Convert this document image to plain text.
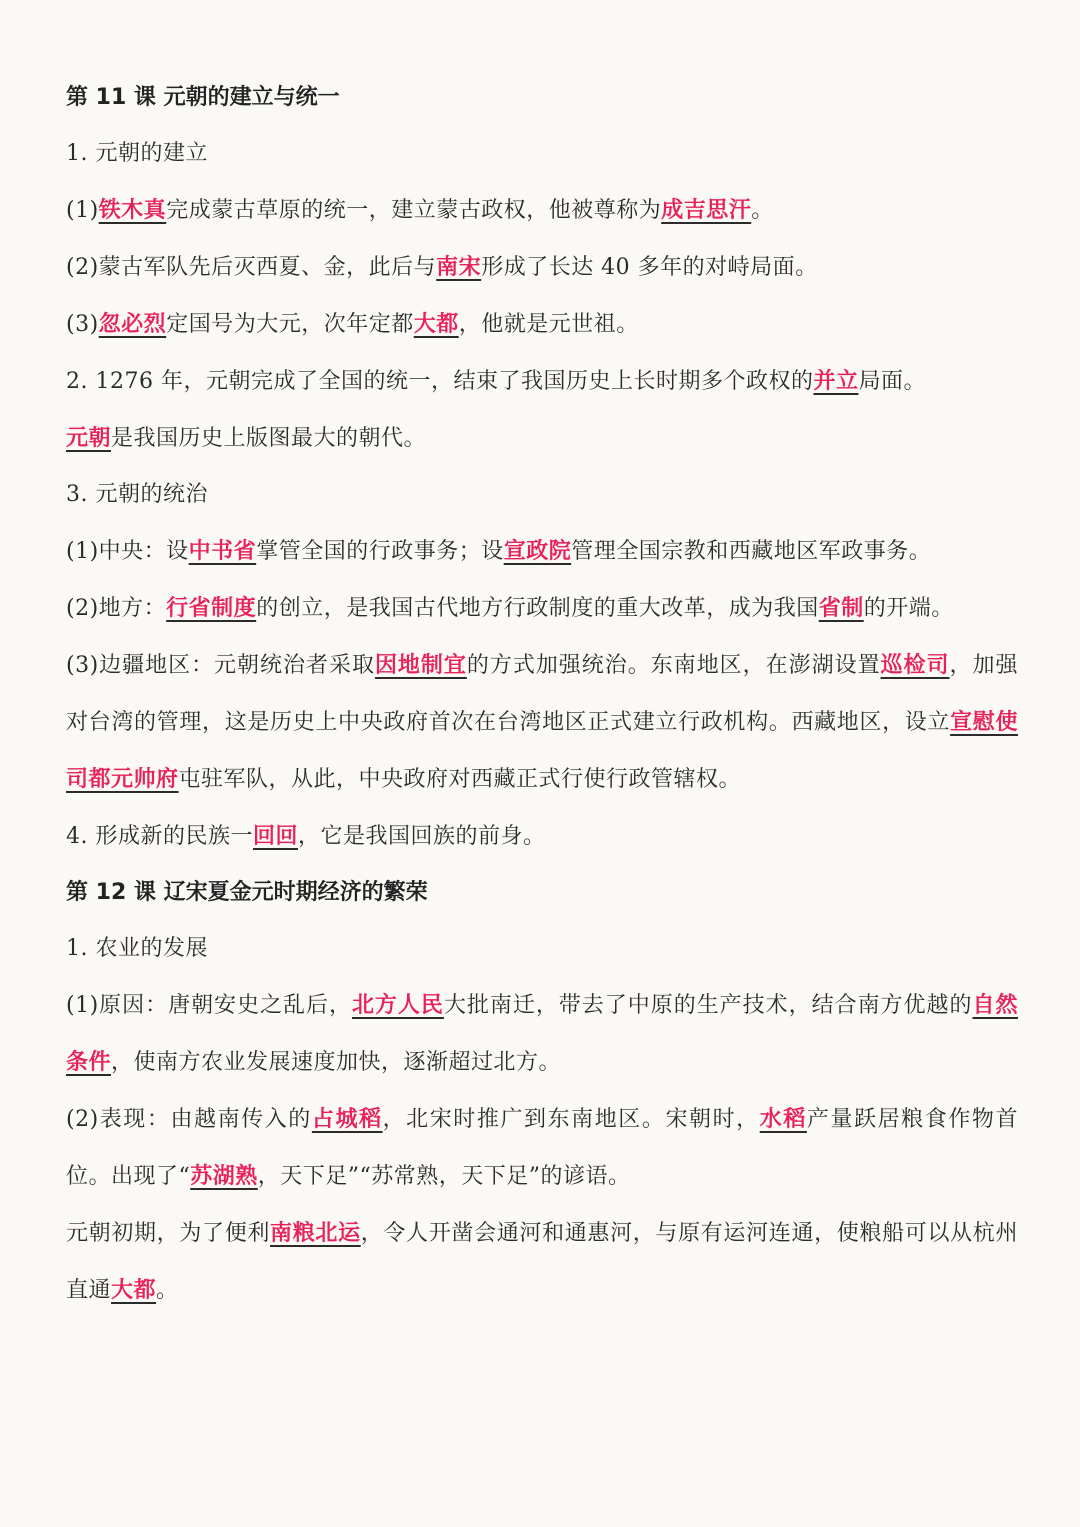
第 11 课 元朝的建立与统一
1. 元朝的建立
(1)铁木真完成蒙古草原的统一，建立蒙古政权，他被尊称为成吉思汗。
(2)蒙古军队先后灭西夏、金，此后与南宋形成了长达 40 多年的对峙局面。
(3)忽必烈定国号为大元，次年定都大都，他就是元世祖。
2. 1276 年，元朝完成了全国的统一，结束了我国历史上长时期多个政权的并立局面。
元朝是我国历史上版图最大的朝代。
3. 元朝的统治
(1)中央：设中书省掌管全国的行政事务；设宣政院管理全国宗教和西藏地区军政事务。
(2)地方：行省制度的创立，是我国古代地方行政制度的重大改革，成为我国省制的开端。
(3)边疆地区：元朝统治者采取因地制宜的方式加强统治。东南地区，在澎湖设置巡检司，加强对台湾的管理，这是历史上中央政府首次在台湾地区正式建立行政机构。西藏地区，设立宣慰使司都元帅府屯驻军队，从此，中央政府对西藏正式行使行政管辖权。
4. 形成新的民族一回回，它是我国回族的前身。
第 12 课 辽宋夏金元时期经济的繁荣
1. 农业的发展
(1)原因：唐朝安史之乱后，北方人民大批南迁，带去了中原的生产技术，结合南方优越的自然条件，使南方农业发展速度加快，逐渐超过北方。
(2)表现：由越南传入的占城稻，北宋时推广到东南地区。宋朝时，水稻产量跃居粮食作物首位。出现了“苏湖熟，天下足”“苏常熟，天下足”的谚语。
元朝初期，为了便利南粮北运，令人开凿会通河和通惠河，与原有运河连通，使粮船可以从杭州直通大都。
